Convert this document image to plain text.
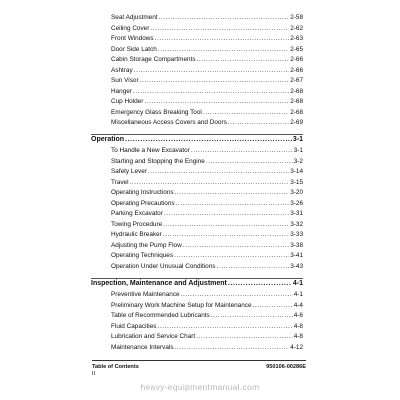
Seat Adjustment .....	2-58
Ceiling Cover .....	2-62
Front Windows .....	2-63
Door Side Latch .....	2-65
Cabin Storage Compartments .....	2-66
Ashtray .....	2-66
Sun Visor .....	2-67
Hanger .....	2-68
Cup Holder .....	2-68
Emergency Glass Breaking Tool .....	2-68
Miscellaneous Access Covers and Doors .....	2-69
Operation .....	3-1
To Handle a New Excavator .....	3-1
Starting and Stopping the Engine .....	3-2
Safety Lever .....	3-14
Travel .....	3-15
Operating Instructions .....	3-20
Operating Precautions .....	3-26
Parking Excavator .....	3-31
Towing Procedure .....	3-32
Hydraulic Breaker .....	3-33
Adjusting the Pump Flow .....	3-38
Operating Techniques .....	3-41
Operation Under Unusual Conditions .....	3-43
Inspection, Maintenance and Adjustment .....	4-1
Preventive Maintenance .....	4-1
Preliminary Work Machine Setup for Maintenance .....	4-4
Table of Recommended Lubricants .....	4-6
Fluid Capacities .....	4-8
Lubrication and Service Chart .....	4-8
Maintenance Intervals .....	4-12
Table of Contents
II
950106-00286E
heavy-equipmentmanual.com
